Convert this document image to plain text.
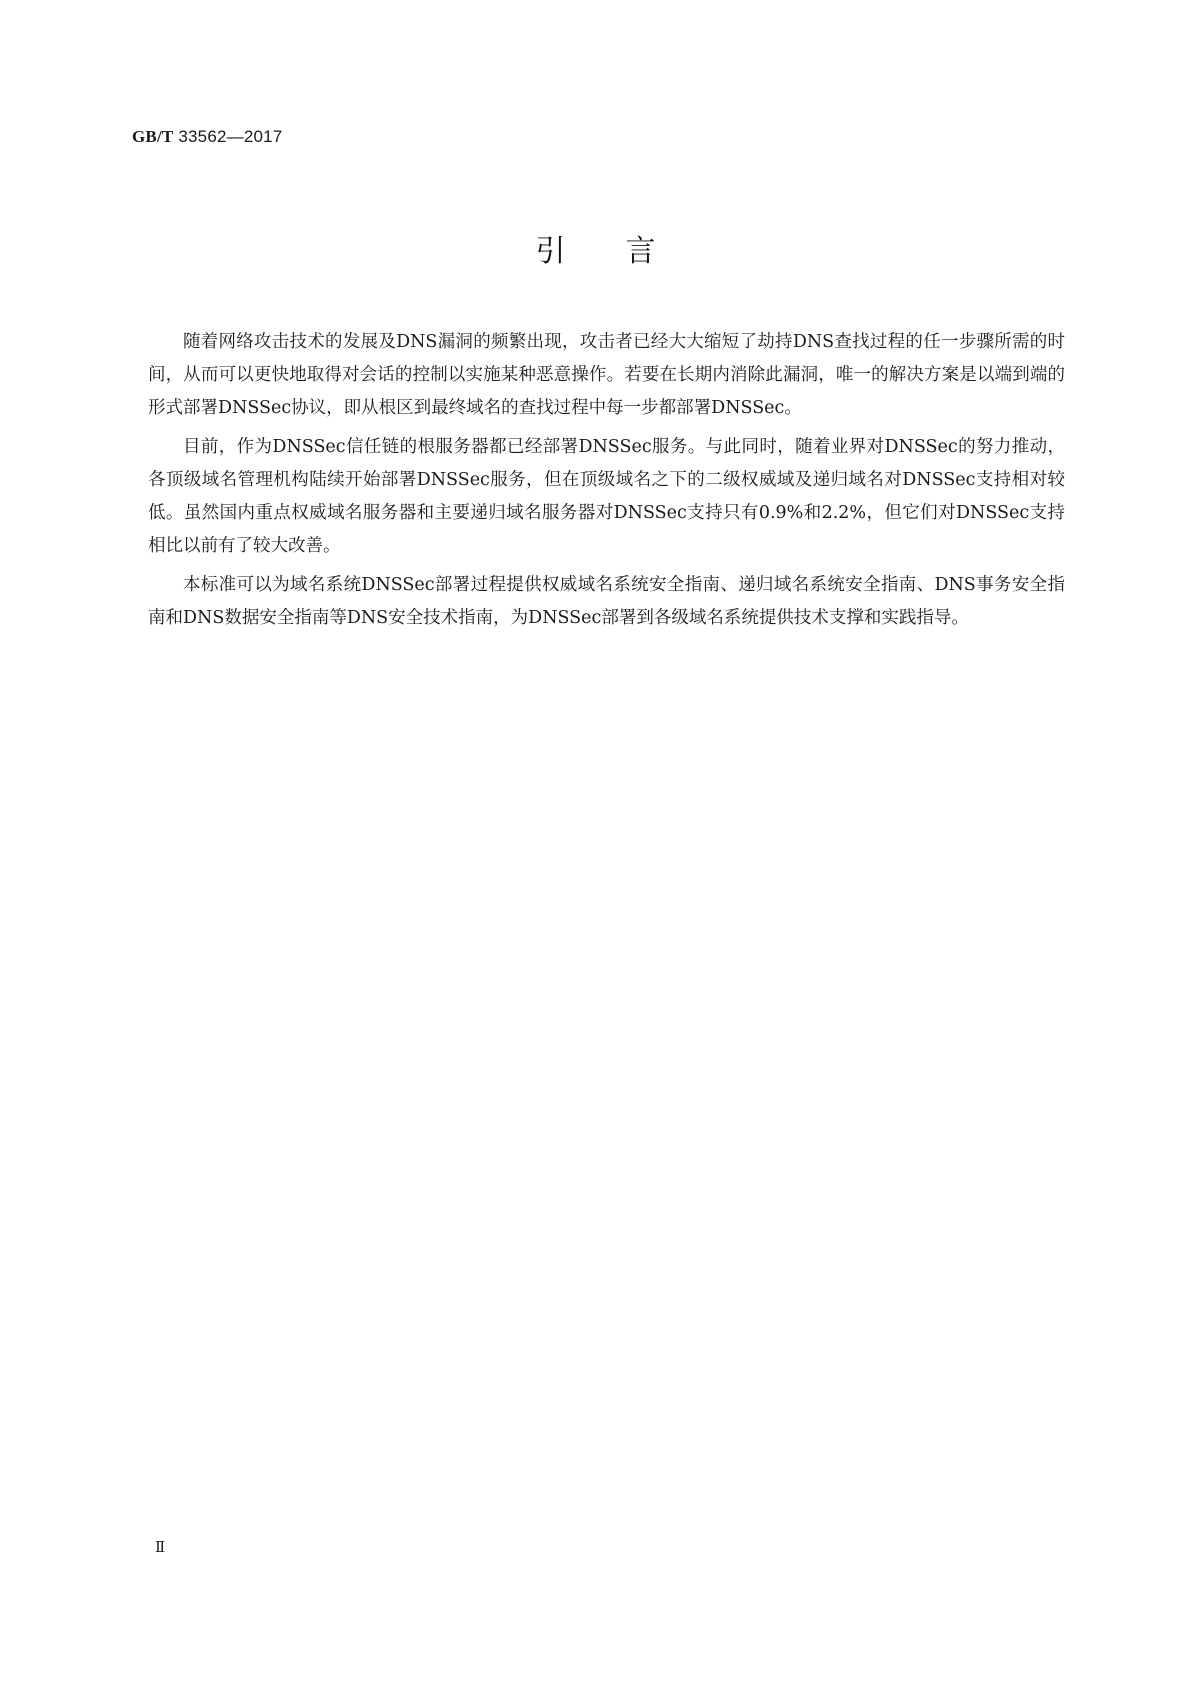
GB/T 33562—2017
引言

随着网络攻击技术的发展及DNS漏洞的频繁出现，攻击者已经大大缩短了劫持DNS查找过程的任一步骤所需的时间，从而可以更快地取得对会话的控制以实施某种恶意操作。若要在长期内消除此漏洞，唯一的解决方案是以端到端的形式部署DNSSec协议，即从根区到最终域名的查找过程中每一步都部署DNSSec。

目前，作为DNSSec信任链的根服务器都已经部署DNSSec服务。与此同时，随着业界对DNSSec的努力推动，各顶级域名管理机构陆续开始部署DNSSec服务，但在顶级域名之下的二级权威域及递归域名对DNSSec支持相对较低。虽然国内重点权威域名服务器和主要递归域名服务器对DNSSec支持只有0.9%和2.2%，但它们对DNSSec支持相比以前有了较大改善。

本标准可以为域名系统DNSSec部署过程提供权威域名系统安全指南、递归域名系统安全指南、DNS事务安全指南和DNS数据安全指南等DNS安全技术指南，为DNSSec部署到各级域名系统提供技术支撑和实践指导。

Ⅱ
